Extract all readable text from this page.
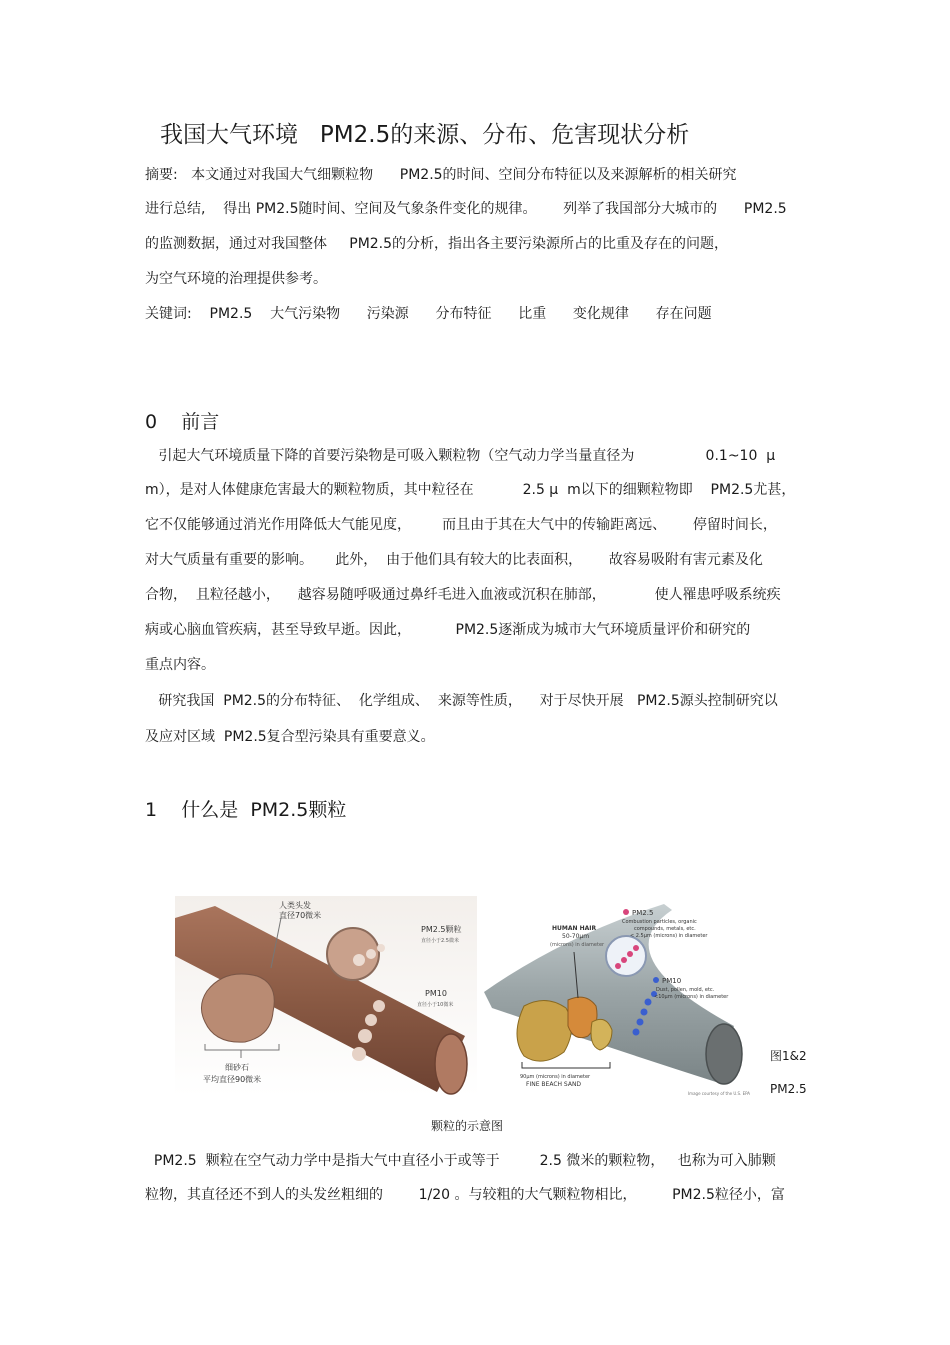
我国大气环境   PM2.5的来源、分布、危害现状分析
摘要:   本文通过对我国大气细颗粒物      PM2.5的时间、空间分布特征以及来源解析的相关研究
进行总结,    得出 PM2.5随时间、空间及气象条件变化的规律。      列举了我国部分大城市的      PM2.5
的监测数据，通过对我国整体     PM2.5的分析，指出各主要污染源所占的比重及存在的问题，
为空气环境的治理提供参考。
关键词:    PM2.5    大气污染物      污染源      分布特征      比重      变化规律      存在问题
0    前言
引起大气环境质量下降的首要污染物是可吸入颗粒物（空气动力学当量直径为                0.1~10  μ
m），是对人体健康危害最大的颗粒物质，其中粒径在           2.5 μ  m以下的细颗粒物即    PM2.5尤甚，
它不仅能够通过消光作用降低大气能见度，       而且由于其在大气中的传输距离远、      停留时间长，
对大气质量有重要的影响。     此外，  由于他们具有较大的比表面积，      故容易吸附有害元素及化
合物，  且粒径越小，    越容易随呼吸通过鼻纤毛进入血液或沉积在肺部，           使人罹患呼吸系统疾
病或心脑血管疾病，甚至导致早逝。因此，          PM2.5逐渐成为城市大气环境质量评价和研究的
重点内容。
研究我国  PM2.5的分布特征、  化学组成、  来源等性质，    对于尽快开展   PM2.5源头控制研究以
及应对区域  PM2.5复合型污染具有重要意义。
1    什么是  PM2.5颗粒
人类头发
直径70微米
PM2.5颗粒
直径小于2.5微米
PM10
直径小于10微米
细砂石
平均直径90微米
HUMAN HAIR
50-70μm
(microns) in diameter
PM2.5
Combustion particles, organic
compounds, metals, etc.
< 2.5μm (microns) in diameter
PM10
Dust, pollen, mold, etc.
<10μm (microns) in diameter
90μm (microns) in diameter
FINE BEACH SAND
Image courtesy of the U.S. EPA
图1&2
PM2.5
颗粒的示意图
PM2.5  颗粒在空气动力学中是指大气中直径小于或等于         2.5 微米的颗粒物，   也称为可入肺颗
粒物，其直径还不到人的头发丝粗细的        1/20 。与较粗的大气颗粒物相比，        PM2.5粒径小，富
